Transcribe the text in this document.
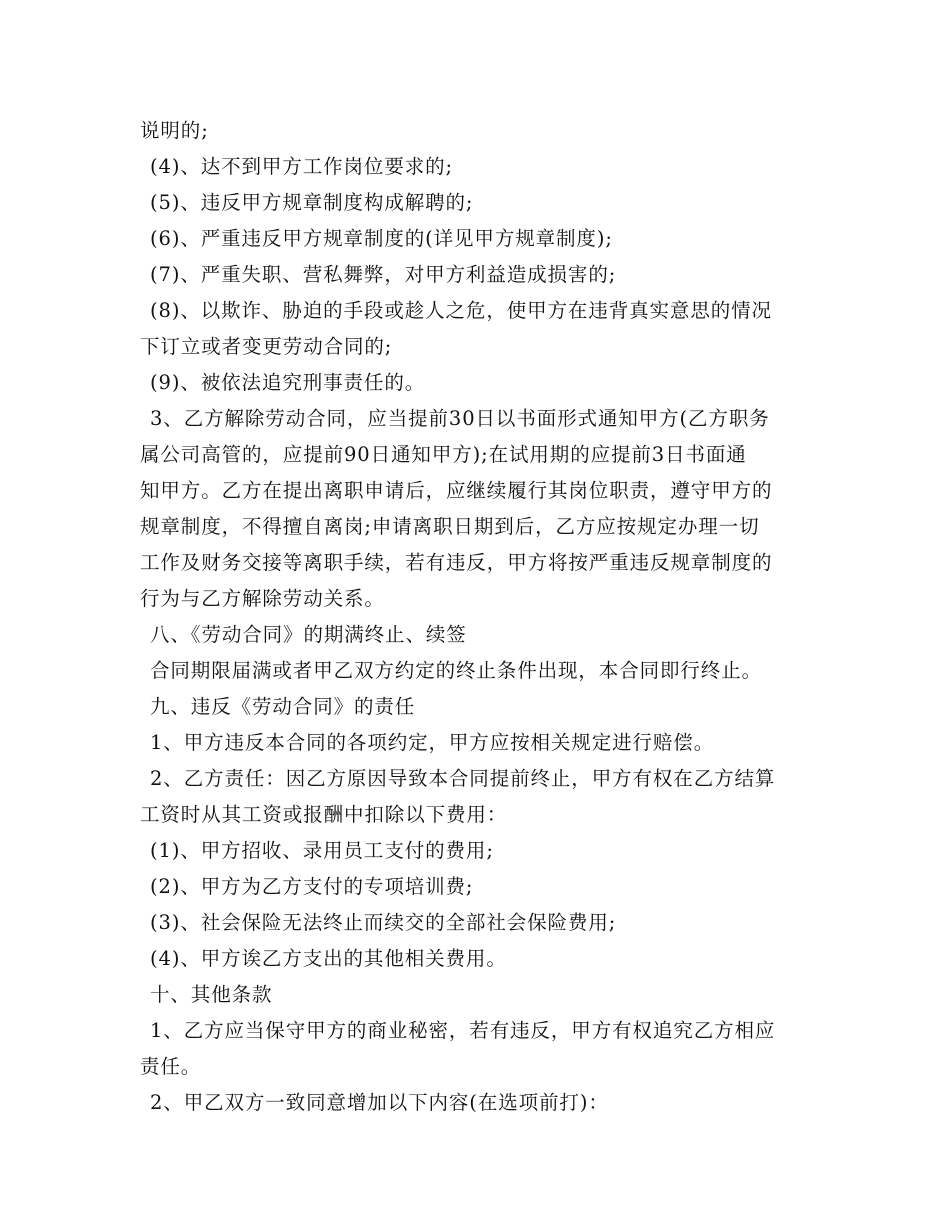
说明的;
(4)、达不到甲方工作岗位要求的;
(5)、违反甲方规章制度构成解聘的;
(6)、严重违反甲方规章制度的(详见甲方规章制度);
(7)、严重失职、营私舞弊，对甲方利益造成损害的;
(8)、以欺诈、胁迫的手段或趁人之危，使甲方在违背真实意思的情况
下订立或者变更劳动合同的;
(9)、被依法追究刑事责任的。
3、乙方解除劳动合同，应当提前30日以书面形式通知甲方(乙方职务
属公司高管的，应提前90日通知甲方);在试用期的应提前3日书面通
知甲方。乙方在提出离职申请后，应继续履行其岗位职责，遵守甲方的
规章制度，不得擅自离岗;申请离职日期到后，乙方应按规定办理一切
工作及财务交接等离职手续，若有违反，甲方将按严重违反规章制度的
行为与乙方解除劳动关系。
八、《劳动合同》的期满终止、续签
合同期限届满或者甲乙双方约定的终止条件出现，本合同即行终止。
九、违反《劳动合同》的责任
1、甲方违反本合同的各项约定，甲方应按相关规定进行赔偿。
2、乙方责任：因乙方原因导致本合同提前终止，甲方有权在乙方结算
工资时从其工资或报酬中扣除以下费用：
(1)、甲方招收、录用员工支付的费用;
(2)、甲方为乙方支付的专项培训费;
(3)、社会保险无法终止而续交的全部社会保险费用;
(4)、甲方诶乙方支出的其他相关费用。
十、其他条款
1、乙方应当保守甲方的商业秘密，若有违反，甲方有权追究乙方相应
责任。
2、甲乙双方一致同意增加以下内容(在选项前打)：
